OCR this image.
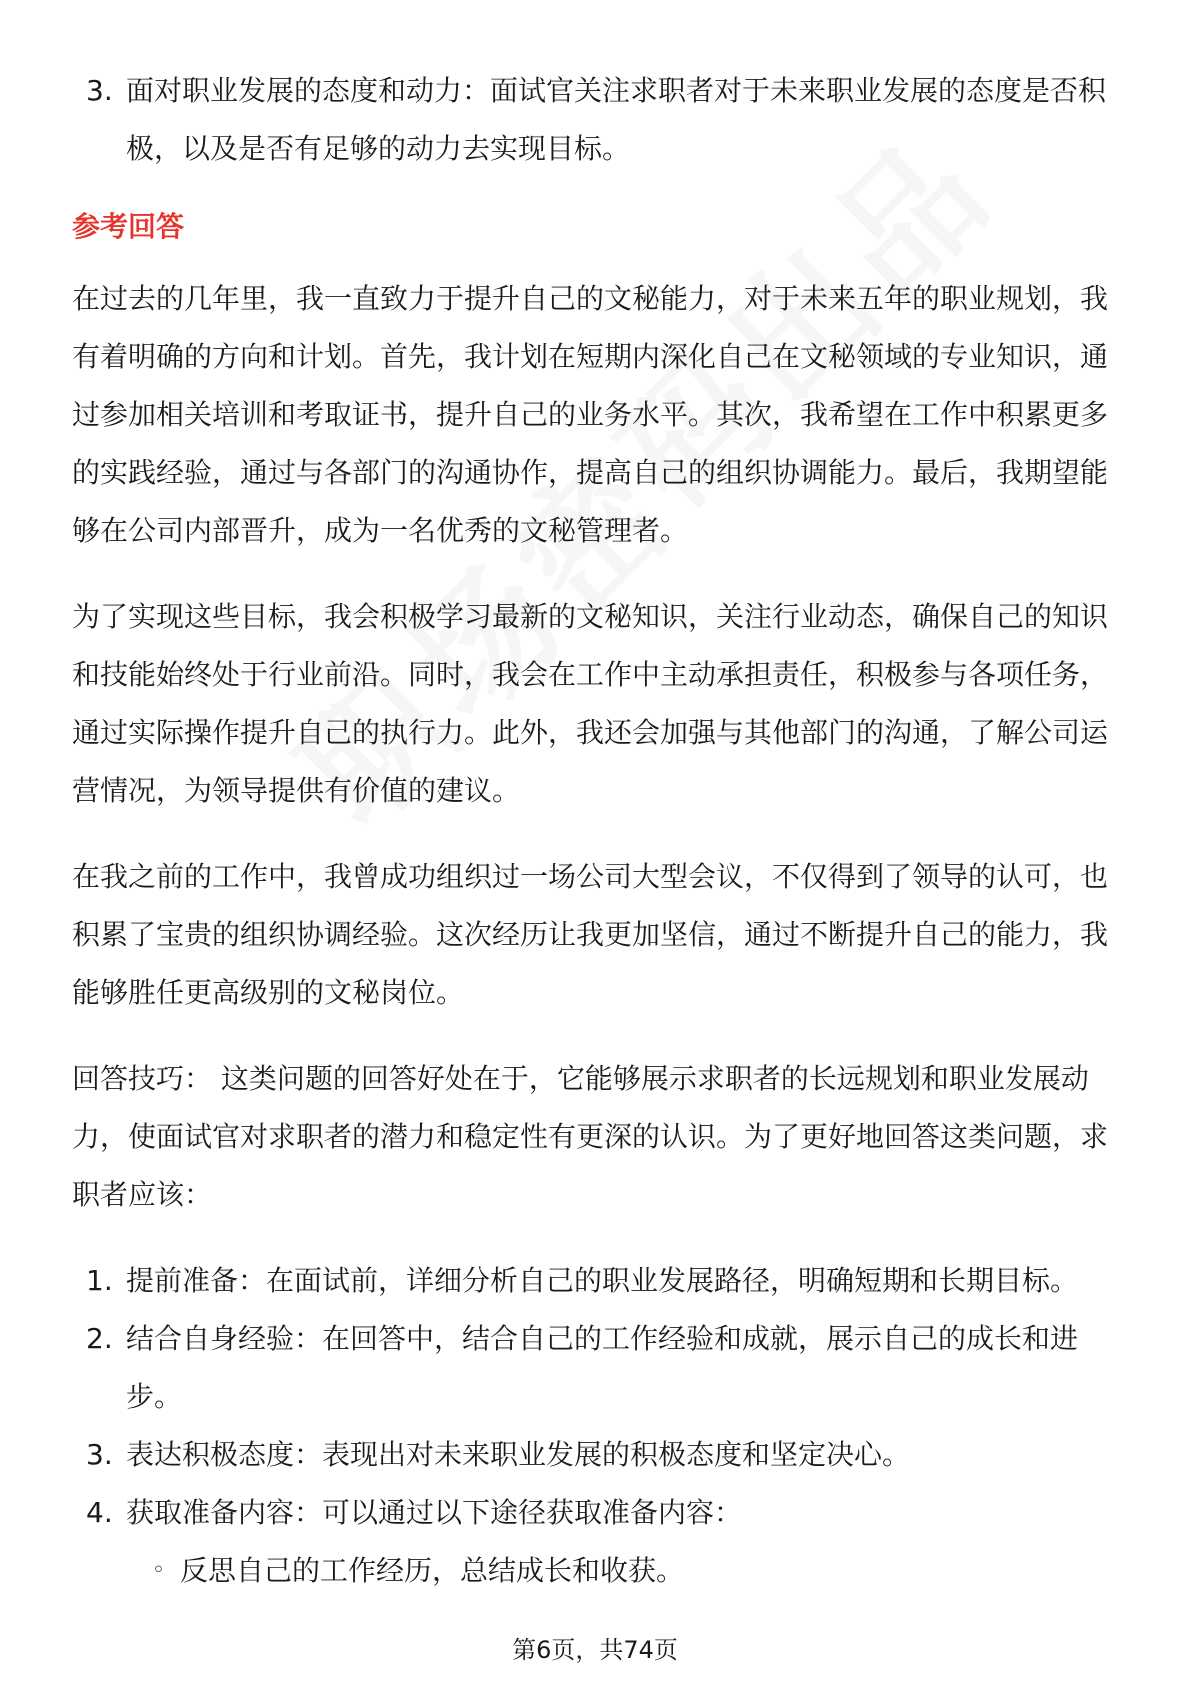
3. 面对职业发展的态度和动力：面试官关注求职者对于未来职业发展的态度是否积极，以及是否有足够的动力去实现目标。
参考回答

在过去的几年里，我一直致力于提升自己的文秘能力，对于未来五年的职业规划，我有着明确的方向和计划。首先，我计划在短期内深化自己在文秘领域的专业知识，通过参加相关培训和考取证书，提升自己的业务水平。其次，我希望在工作中积累更多的实践经验，通过与各部门的沟通协作，提高自己的组织协调能力。最后，我期望能够在公司内部晋升，成为一名优秀的文秘管理者。

为了实现这些目标，我会积极学习最新的文秘知识，关注行业动态，确保自己的知识和技能始终处于行业前沿。同时，我会在工作中主动承担责任，积极参与各项任务，通过实际操作提升自己的执行力。此外，我还会加强与其他部门的沟通，了解公司运营情况，为领导提供有价值的建议。

在我之前的工作中，我曾成功组织过一场公司大型会议，不仅得到了领导的认可，也积累了宝贵的组织协调经验。这次经历让我更加坚信，通过不断提升自己的能力，我能够胜任更高级别的文秘岗位。

回答技巧： 这类问题的回答好处在于，它能够展示求职者的长远规划和职业发展动力，使面试官对求职者的潜力和稳定性有更深的认识。为了更好地回答这类问题，求职者应该：

1. 提前准备：在面试前，详细分析自己的职业发展路径，明确短期和长期目标。
2. 结合自身经验：在回答中，结合自己的工作经验和成就，展示自己的成长和进步。
3. 表达积极态度：表现出对未来职业发展的积极态度和坚定决心。
4. 获取准备内容：可以通过以下途径获取准备内容：
◦ 反思自己的工作经历，总结成长和收获。
第6页，共74页
